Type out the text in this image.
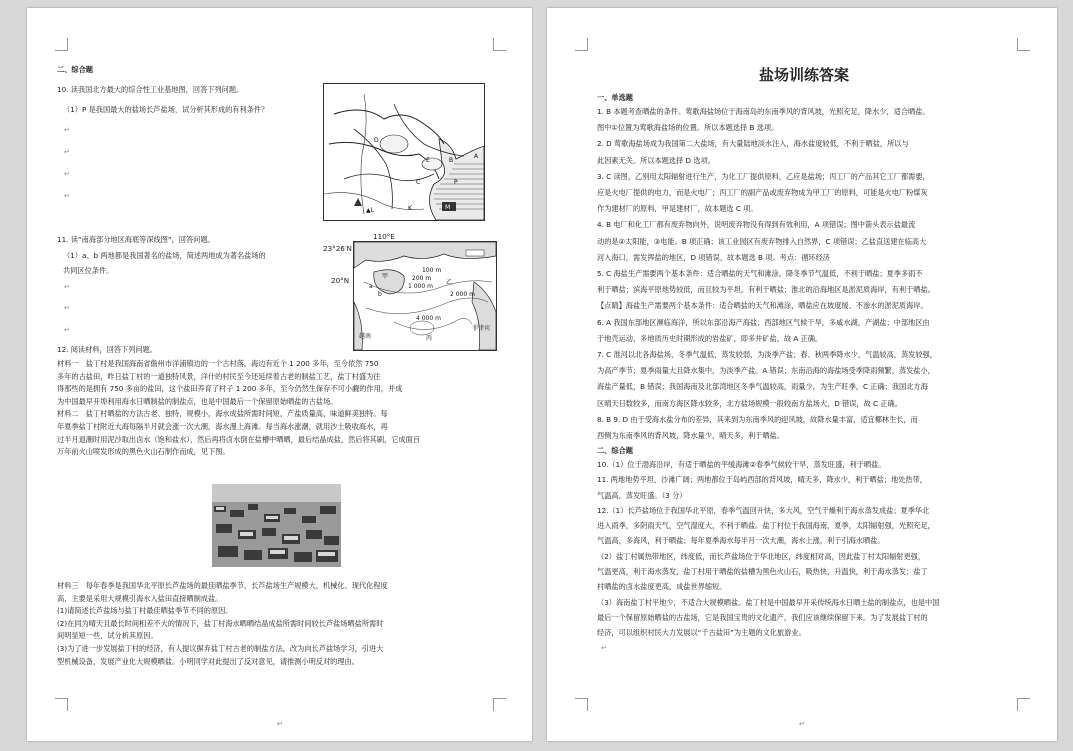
二、综合题
10. 读我国北方最大的综合性工业基地图，回答下列问题。
（1）P 是我国最大的盐场长芦盐场，试分析其形成的有利条件？
↵
↵
↵
↵
D
E	B
A
C
K	M
P
▲L
11. 读“南海部分地区海底等深线图”，回答问题。
（1）a、b 两地都是我国著名的盐场，简述两地成为著名盐场的
共同区位条件。
↵
↵
↵
110°E
23°26′N
20°N	甲
乙
丙
a
b
100 m
200 m
1 000 m
2 000 m
4 000 m
越南
菲律宾
12. 阅读材料，回答下列问题。
材料一　盐丁村是我国海南省儋州市洋浦镇边的一个古村落，海边有近个 1 200 多年，至今依然 750
多年的古盐田，昨日盐丁村的一道独特风景，洋什的村民至今还延续着古老的制盐工艺，盐丁村盛为往
得那些的是拥有 750 多亩的盐田，这个盐田养育了村子 1 200 多年，至今仍然生保存不可小觑的作用，并成
为中国最早开埠利用海水日晒制盐的制盐点，也是中国最后一个保留原始晒盐的古盐场。
材料二　盐丁村晒盐的方法古老、独特，规模小，海水成盐所需时间短，产盐质量高，味道鲜美独特。每
年夏季盐丁村附近大海每隔半月就会涨一次大潮，海水漫上海滩。每当海水涨潮，就用沙土吸收海水，再
过半月退潮时用泥沙取出卤水（饱和盐水），然后再将卤水倒在盐槽中晒晒，最后结晶成盐，然后将其刷，它成面百
万年前火山喷发形成的黑色火山石制作而成，见下图。
材料三　每年春季是我国华北平原长芦盐场的最佳晒盐季节，长芦盐场生产规模大，机械化、现代化程度
高，主要是采用大规模引海水入盐田直接晒制成盐。
(1)请简述长芦盐场与盐丁村最佳晒盐季节不同的原因。
(2)在同为晴天且最长时间相差不大的情况下，盐丁村海水晒晒结晶成盐所需时间较长芦盐场晒盐所需时
间明显短一些，试分析其原因。
(3)为了进一步发展盐丁村的经济，有人提议摒弃盐丁村古老的制盐方法，改为向长芦盐场学习，引进大
型机械设备，发展产业化大规模晒盐。小明同学对此提出了反对意见，请推测小明反对的理由。
↵
盐场训练答案
一、单选题
1. B 本题考查晒盐的条件。莺歌海盐场位于海南岛的东南季风的背风坡，光照充足，降水少，适合晒盐。
图中①位置为莺歌海盐场的位置。所以本题选择 B 选项。
2. D 莺歌海盐场成为我国第二大盐场，有大量陆地淡水注入，海水盐度较低，不利于晒盐，所以与
此因素无关。所以本题选择 D 选项。
3. C 读图，乙别用太阳辐射进行生产，为化工厂提供原料，乙应是盐场；丙工厂的产品其它工厂都需要，
应是火电厂提供的电力，而是火电厂；丙工厂的副产品或废弃物成为甲工厂的原料，可能是火电厂粉煤灰
作为建材厂的原料，甲是建材厂，故本题选 C 项。
4. B 电厂和化工厂都有废弃物向外，说明废弃物没有得到有效利用，A 项错误；图中箭头表示盐最流
动的是②太阳能，③电能。B 项正确；该工业园区有废弃物排入自然界，C 项错误；乙盐直送建在临高大
河入海口，需发挥盐的地区，D 项错误，故本题选 B 项。考点：循环经济
5. C 海盐生产需要两个基本条件：适合晒盐的天气和滩涂。降冬季节气温低，不利于晒盐；夏季多雨不
利于晒盐；滨海平原地势较低，而且较为平坦，有利于晒盐；淮北的沿海地区是淤泥质海岸，有利于晒盐。
【点睛】海盐生产需要两个基本条件：适合晒盐的天气和滩涂，晒盐应在坡度缓、不渗水的淤泥质海岸。
6. A 我国东部地区濒临海洋，所以东部沿海产海盐；西部地区气候干旱，多咸水湖，产湖盐；中部地区由
于地壳运动，多地质历史时期形成的岩盐矿，即多井矿盐，故 A 正确。
7. C 淮河以北各海盐场，冬季气温低，蒸发较弱，为淡季产盐；春、秋两季降水少，气温较高，蒸发较强，
为高产季节；夏季雨量大且降水集中，为淡季产盐。A 错误；东南沿海的海盐场受季降雨频繁，蒸发盐小，
海盐产量低，B 错误；我国海南及北部湾地区冬季气温较高，雨量少，为生产旺季，C 正确；我国北方海
区晴天日数较多，而南方海区降水较多，北方盐场规模一般较南方盐场大，D 错误，故 C 正确。
8. B 9. D 由于受海水盐分布的差异，其来到为东南季风的迎风坡，故降水量丰富，适宜椰林生长，而
西侧为东南季风的背风坡，降水量少，晴天多，利于晒盐。
二、综合题
10.（1）位于渤海沿岸，有适于晒盐的平缓海滩②春季气候较干旱，蒸发旺盛，利于晒盐。
11. 两地地势平坦，沙滩广阔；两地都位于岛屿西部的背风坡，晴天多，降水少，利于晒盐；地处热带，
气温高，蒸发旺盛。（3 分）
12.（1）长芦盐场位于我国华北平原，春季气温回升快，多大风，空气干燥利于海水蒸发成盐；夏季华北
进入雨季，多阴雨天气，空气湿度大，不利于晒盐。盐丁村位于我国海南，夏季，太阳辐射强，光照充足，
气温高，多海风，利于晒盐；每年夏季海水每半月一次大潮，海水上涨，利于引海水晒盐。
（2）盐丁村属热带地区，纬度低，而长芦盐场位于华北地区，纬度相对高，因此盐丁村太阳辐射更强，
气温更高，利于海水蒸发，盐丁村用于晒盐的盐槽为黑色火山石，吸热快，升温快，利于海水蒸发；盐丁
村晒盐的卤水盐度更高，成盐世界缩短。
（3）海南盐丁村平地少，不适合大规模晒盐。盐丁村是中国最早开采传统海水日晒土盐的制盐点，也是中国
最后一个保留原始晒盐的古盐场，它是我国宝贵的文化遗产，我们应该继续保留下来。为了发展盐丁村的
经济，可以组织村民大力发展以“千古盐田”为主题的文化旅游业。
↵
↵
